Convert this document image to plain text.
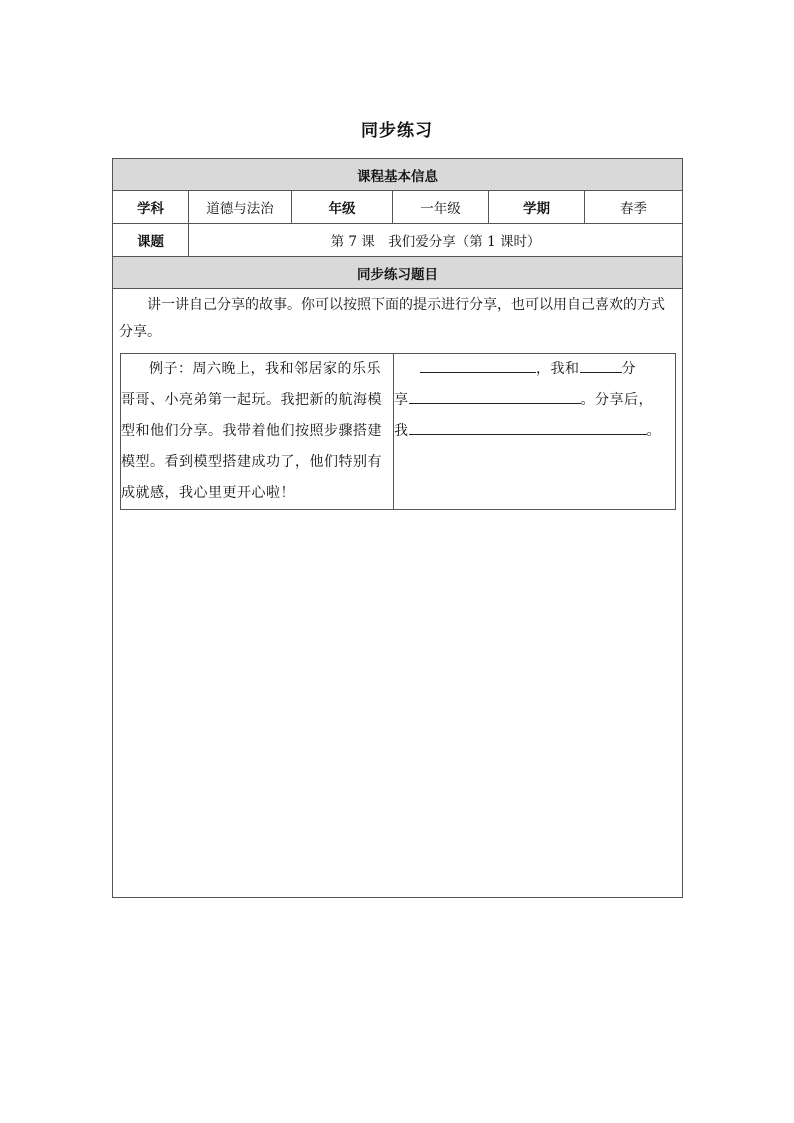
同步练习
课程基本信息
学科	道德与法治	年级	一年级	学期	春季
课题	第 7 课　我们爱分享（第 1 课时）
同步练习题目

讲一讲自己分享的故事。你可以按照下面的提示进行分享，也可以用自己喜欢的方式分享。

例子：周六晚上，我和邻居家的乐乐哥哥、小亮弟第一起玩。我把新的航海模型和他们分享。我带着他们按照步骤搭建模型。看到模型搭建成功了，他们特别有成就感，我心里更开心啦！

，我和	分
享	。分享后，
我	。
